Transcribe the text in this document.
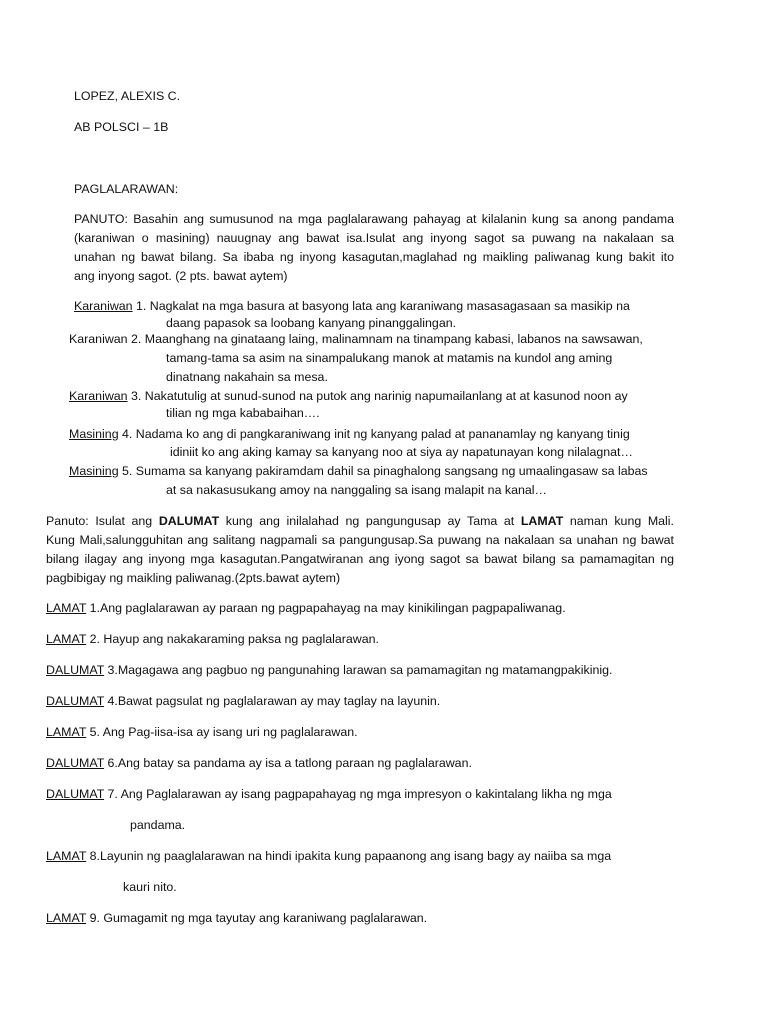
LOPEZ, ALEXIS C.
AB POLSCI – 1B
PAGLALARAWAN:
PANUTO: Basahin ang sumusunod na mga paglalarawang pahayag at kilalanin kung sa anong pandama
(karaniwan o masining) nauugnay ang bawat isa.Isulat ang inyong sagot sa puwang na nakalaan sa
unahan ng bawat bilang. Sa ibaba ng inyong kasagutan,maglahad ng maikling paliwanag kung bakit ito
ang inyong sagot. (2 pts. bawat aytem)
Karaniwan 1. Nagkalat na mga basura at basyong lata ang karaniwang masasagasaan sa masikip na
daang papasok sa loobang kanyang pinanggalingan.
Karaniwan 2. Maanghang na ginataang laing, malinamnam na tinampang kabasi, labanos na sawsawan,
tamang-tama sa asim na sinampalukang manok at matamis na kundol ang aming
dinatnang nakahain sa mesa.
Karaniwan 3. Nakatutulig at sunud-sunod na putok ang narinig napumailanlang at at kasunod noon ay
tilian ng mga kababaihan….
Masining 4. Nadama ko ang di pangkaraniwang init ng kanyang palad at pananamlay ng kanyang tinig
idiniit ko ang aking kamay sa kanyang noo at siya ay napatunayan kong nilalagnat…
Masining 5. Sumama sa kanyang pakiramdam dahil sa pinaghalong sangsang ng umaalingasaw sa labas
at sa nakasusukang amoy na nanggaling sa isang malapit na kanal…
Panuto: Isulat ang DALUMAT kung ang inilalahad ng pangungusap ay Tama at LAMAT naman kung Mali.
Kung Mali,salungguhitan ang salitang nagpamali sa pangungusap.Sa puwang na nakalaan sa unahan ng bawat
bilang ilagay ang inyong mga kasagutan.Pangatwiranan ang iyong sagot sa bawat bilang sa pamamagitan ng
pagbibigay ng maikling paliwanag.(2pts.bawat aytem)
LAMAT 1.Ang paglalarawan ay paraan ng pagpapahayag na may kinikilingan pagpapaliwanag.
LAMAT 2. Hayup ang nakakaraming paksa ng paglalarawan.
DALUMAT 3.Magagawa ang pagbuo ng pangunahing larawan sa pamamagitan ng matamangpakikinig.
DALUMAT 4.Bawat pagsulat ng paglalarawan ay may taglay na layunin.
LAMAT 5. Ang Pag-iisa-isa ay isang uri ng paglalarawan.
DALUMAT 6.Ang batay sa pandama ay isa a tatlong paraan ng paglalarawan.
DALUMAT 7. Ang Paglalarawan ay isang pagpapahayag ng mga impresyon o kakintalang likha ng mga
pandama.
LAMAT 8.Layunin ng paaglalarawan na hindi ipakita kung papaanong ang isang bagy ay naiiba sa mga
kauri nito.
LAMAT 9. Gumagamit ng mga tayutay ang karaniwang paglalarawan.
